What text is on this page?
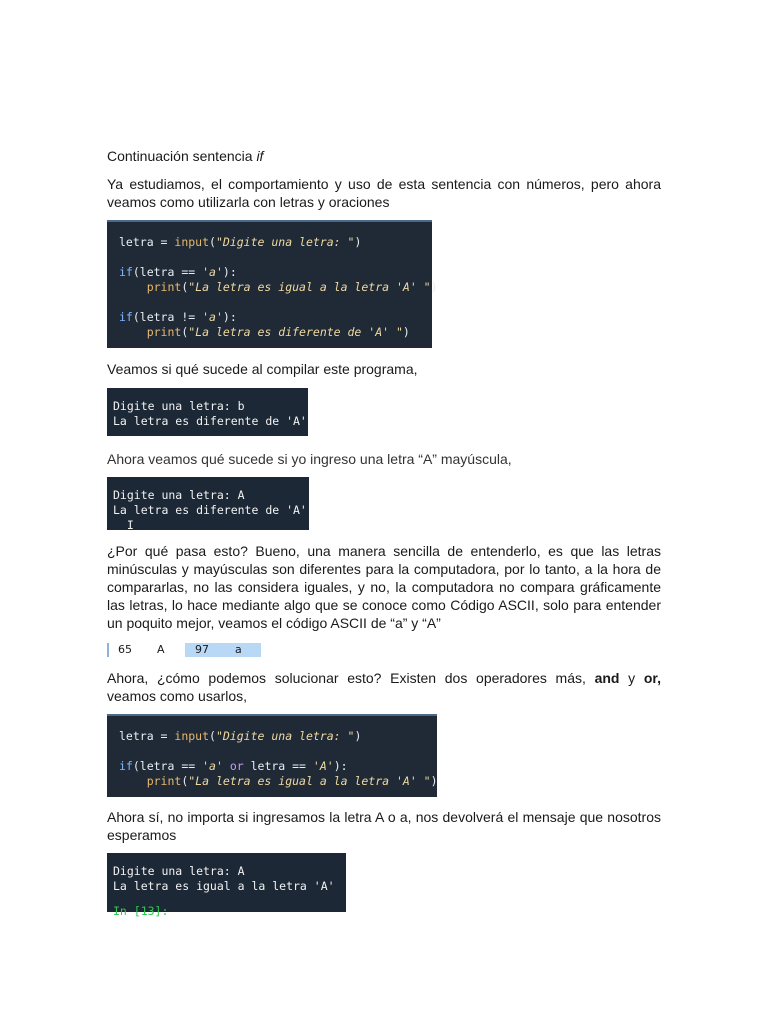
Continuación sentencia if

Ya estudiamos, el comportamiento y uso de esta sentencia con números, pero ahora veamos como utilizarla con letras y oraciones

letra = input("Digite una letra: ")
if(letra == 'a'):
print("La letra es igual a la letra 'A' ")
if(letra != 'a'):
print("La letra es diferente de 'A' ")

Veamos si qué sucede al compilar este programa,

Digite una letra: b
La letra es diferente de 'A'

Ahora veamos qué sucede si yo ingreso una letra “A” mayúscula,

Digite una letra: A
La letra es diferente de 'A'
I

¿Por qué pasa esto? Bueno, una manera sencilla de entenderlo, es que las letras minúsculas y mayúsculas son diferentes para la computadora, por lo tanto, a la hora de compararlas, no las considera iguales, y no, la computadora no compara gráficamente las letras, lo hace mediante algo que se conoce como Código ASCII, solo para entender un poquito mejor, veamos el código ASCII de “a” y “A”

65 A	97 a

Ahora, ¿cómo podemos solucionar esto? Existen dos operadores más, and y or, veamos como usarlos,

letra = input("Digite una letra: ")
if(letra == 'a' or letra == 'A'):
print("La letra es igual a la letra 'A' ")

Ahora sí, no importa si ingresamos la letra A o a, nos devolverá el mensaje que nosotros esperamos

Digite una letra: A
La letra es igual a la letra 'A'
In [13]:
